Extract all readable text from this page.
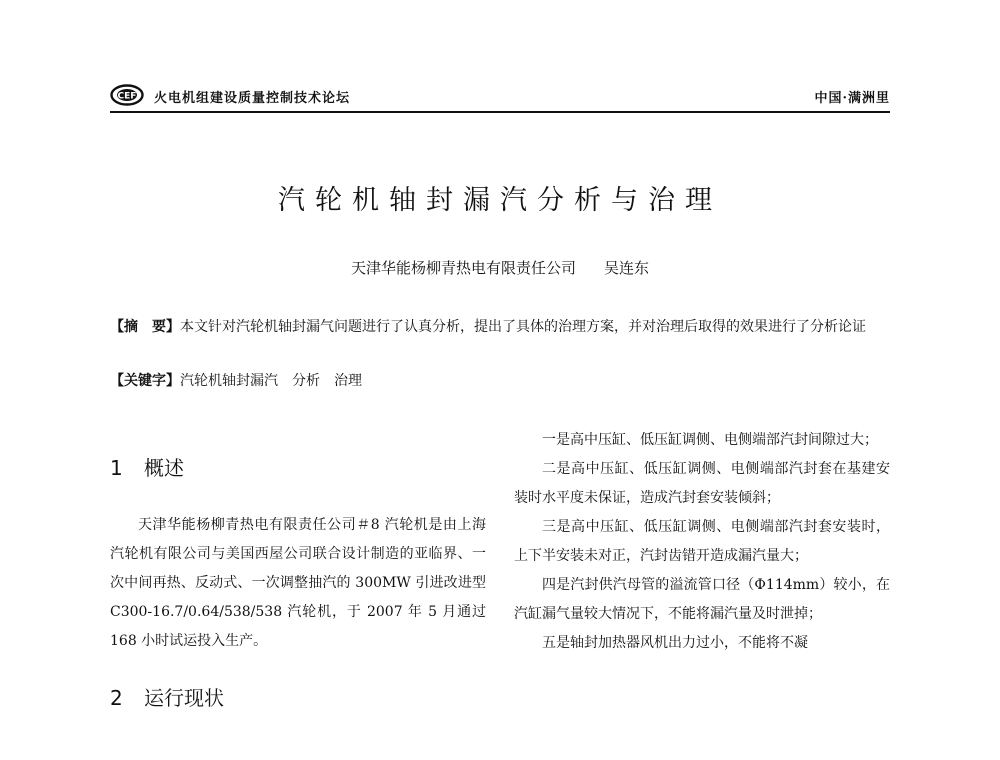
CEF 火电机组建设质量控制技术论坛	中国·满洲里
汽轮机轴封漏汽分析与治理
天津华能杨柳青热电有限责任公司 吴连东
【摘　要】本文针对汽轮机轴封漏气问题进行了认真分析，提出了具体的治理方案，并对治理后取得的效果进行了分析论证
【关键字】汽轮机轴封漏汽　分析　治理
1 概述

天津华能杨柳青热电有限责任公司＃8 汽轮机是由上海汽轮机有限公司与美国西屋公司联合设计制造的亚临界、一次中间再热、反动式、一次调整抽汽的 300MW 引进改进型 C300-16.7/0.64/538/538 汽轮机，于 2007 年 5 月通过 168 小时试运投入生产。

2 运行现状

一是高中压缸、低压缸调侧、电侧端部汽封间隙过大；

二是高中压缸、低压缸调侧、电侧端部汽封套在基建安装时水平度未保证，造成汽封套安装倾斜；

三是高中压缸、低压缸调侧、电侧端部汽封套安装时，上下半安装未对正，汽封齿错开造成漏汽量大；

四是汽封供汽母管的溢流管口径（Φ114mm）较小，在汽缸漏气量较大情况下，不能将漏汽量及时泄掉；

五是轴封加热器风机出力过小，不能将不凝
